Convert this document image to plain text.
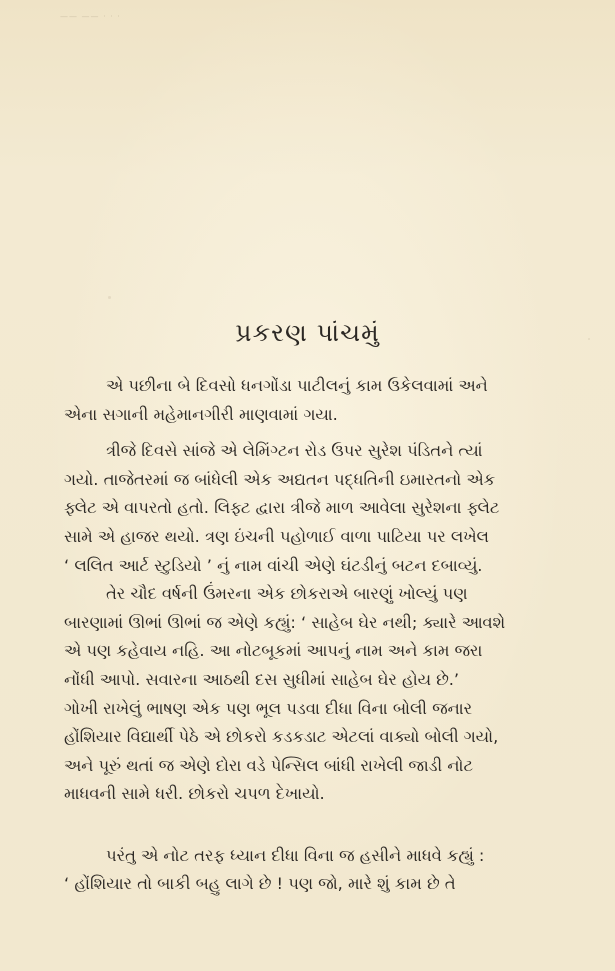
—— —— · · ·
પ્રકરણ પાંચમું
એ પછીના બે દિવસો ધનગોંડા પાટીલનું કામ ઉકેલવામાં અને
એના સગાની મહેમાનગીરી માણવામાં ગયા.
ત્રીજે દિવસે સાંજે એ લેમિંગ્ટન રોડ ઉપર સુરેશ પંડિતને ત્યાં
ગયો. તાજેતરમાં જ બાંધેલી એક અદ્યતન પદ્ધતિની ઇમારતનો એક
ફ્લેટ એ વાપરતો હતો. લિફ્ટ દ્વારા ત્રીજે માળ આવેલા સુરેશના ફ્લેટ
સામે એ હાજર થયો. ત્રણ ઇંચની પહોળાઈ વાળા પાટિયા પર લખેલ
‘ લલિત આર્ટ સ્ટુડિયો ’ નું નામ વાંચી એણે ઘંટડીનું બટન દબાવ્યું.
તેર ચૌદ વર્ષની ઉંમરના એક છોકરાએ બારણું ખોલ્યું પણ
બારણામાં ઊભાં ઊભાં જ એણે કહ્યું: ‘ સાહેબ ઘેર નથી; ક્યારે આવશે
એ પણ કહેવાય નહિ. આ નોટબૂકમાં આપનું નામ અને કામ જરા
નોંધી આપો. સવારના આઠથી દસ સુધીમાં સાહેબ ઘેર હોય છે.’
ગોખી રાખેલું ભાષણ એક પણ ભૂલ પડવા દીધા વિના બોલી જનાર
હોંશિયાર વિદ્યાર્થી પેઠે એ છોકરો કડકડાટ એટલાં વાક્યો બોલી ગયો,
અને પૂરું થતાં જ એણે દોરા વડે પેન્સિલ બાંધી રાખેલી જાડી નોટ
માધવની સામે ધરી. છોકરો ચપળ દેખાયો.
પરંતુ એ નોટ તરફ ધ્યાન દીધા વિના જ હસીને માધવે કહ્યું :
‘ હોંશિયાર તો બાકી બહુ લાગે છે ! પણ જો, મારે શું કામ છે તે
